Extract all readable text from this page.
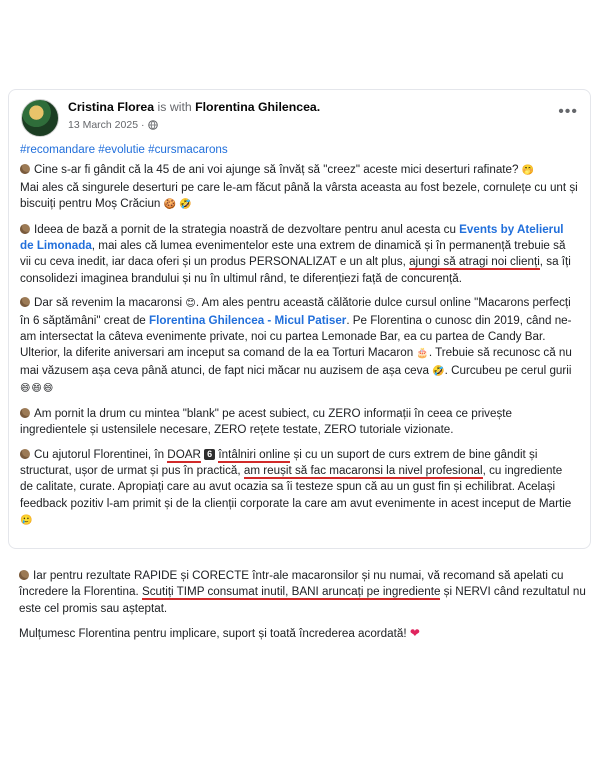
Cristina Florea is with Florentina Ghilencea.
13 March 2025 ·
•••
#recomandare #evolutie #cursmacarons
Cine s-ar fi gândit că la 45 de ani voi ajunge să învăț să "creez" aceste mici deserturi rafinate? 🤭
Mai ales că singurele deserturi pe care le-am făcut până la vârsta aceasta au fost bezele, cornulețe cu unt și biscuiți pentru Moș Crăciun 🍪 🤣
Ideea de bază a pornit de la strategia noastră de dezvoltare pentru anul acesta cu Events by Atelierul de Limonada, mai ales că lumea evenimentelor este una extrem de dinamică și în permanență trebuie să vii cu ceva inedit, iar daca oferi și un produs PERSONALIZAT e un alt plus, ajungi să atragi noi clienți, sa îți consolidezi imaginea brandului și nu în ultimul rând, te diferențiezi față de concurență.
Dar să revenim la macaronsi 😊. Am ales pentru această călătorie dulce cursul online "Macarons perfecți în 6 săptămâni" creat de Florentina Ghilencea - Micul Patiser. Pe Florentina o cunosc din 2019, când ne-am intersectat la câteva evenimente private, noi cu partea Lemonade Bar, ea cu partea de Candy Bar. Ulterior, la diferite aniversari am inceput sa comand de la ea Torturi Macaron 🎂. Trebuie să recunosc că nu mai văzusem așa ceva până atunci, de fapt nici măcar nu auzisem de așa ceva 🤣. Curcubeu pe cerul gurii 😄😄😄
Am pornit la drum cu mintea "blank" pe acest subiect, cu ZERO informații în ceea ce privește ingredientele și ustensilele necesare, ZERO rețete testate, ZERO tutoriale vizionate.
Cu ajutorul Florentinei, în DOAR 6 întâlniri online și cu un suport de curs extrem de bine gândit și structurat, ușor de urmat și pus în practică, am reușit să fac macaronsi la nivel profesional, cu ingrediente de calitate, curate. Apropiați care au avut ocazia sa îi testeze spun că au un gust fin și echilibrat. Același feedback pozitiv l-am primit și de la clienții corporate la care am avut evenimente in acest inceput de Martie 🥲
Iar pentru rezultate RAPIDE și CORECTE într-ale macaronsilor și nu numai, vă recomand să apelati cu încredere la Florentina. Scutiți TIMP consumat inutil, BANI aruncați pe ingrediente și NERVI când rezultatul nu este cel promis sau așteptat.
Mulțumesc Florentina pentru implicare, suport și toată încrederea acordată! ❤
